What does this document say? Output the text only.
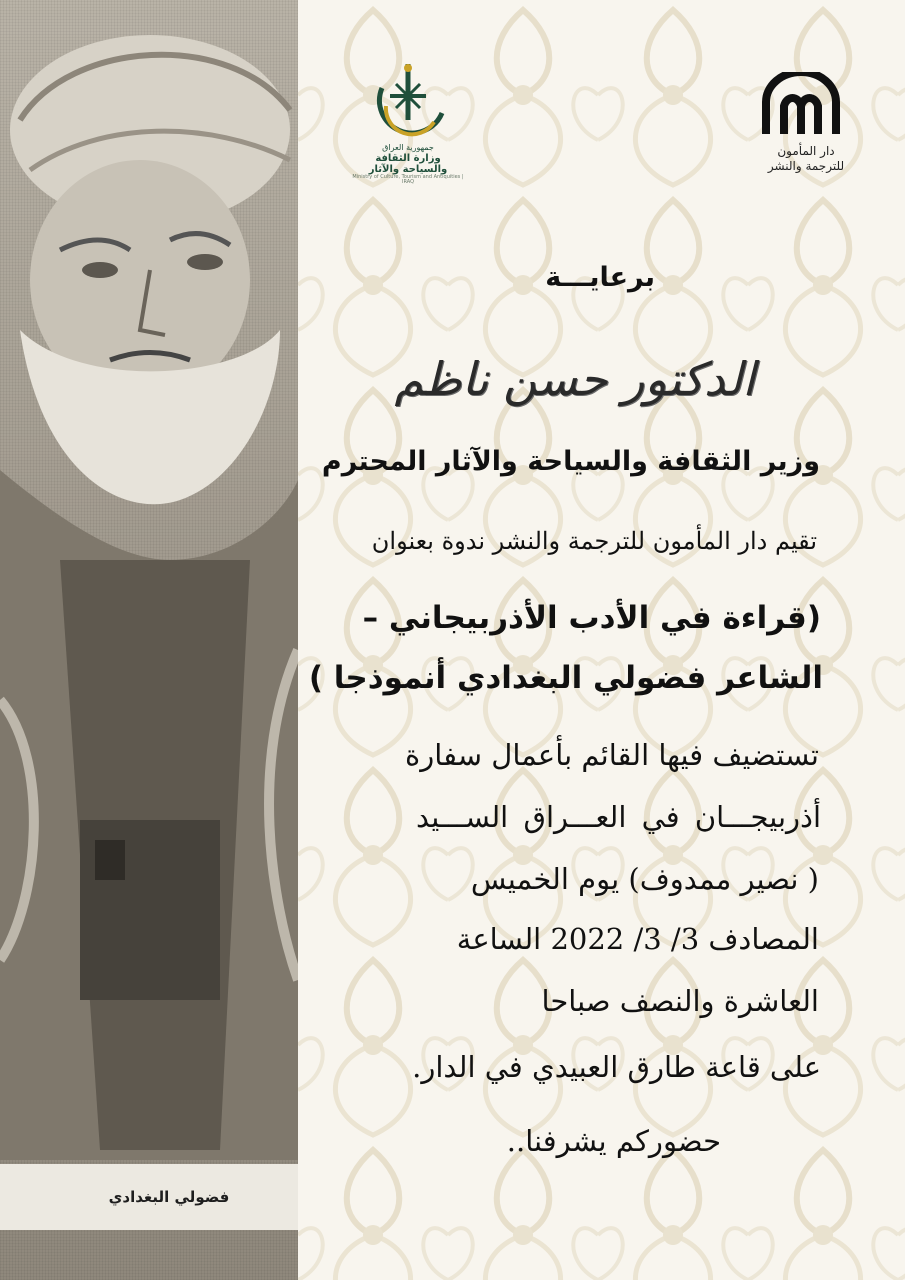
فضولي البغدادي
جمهورية العراق
وزارة الثقافة والسياحة والآثار
Ministry of Culture, Tourism and Antiquities | IRAQ
دار المأمون
للترجمة والنشر
برعايـــة
الدكتور حسن ناظم
وزير الثقافة والسياحة والآثار المحترم
تقيم دار المأمون للترجمة والنشر ندوة بعنوان
(قراءة في الأدب الأذربيجاني –
الشاعر فضولي البغدادي أنموذجا )
تستضيف فيها القائم بأعمال سفارة
أذربيجـــان في العـــراق الســـيد
( نصير ممدوف) يوم الخميس
المصادف 3/ 3/ 2022 الساعة
العاشرة والنصف صباحا
على قاعة طارق العبيدي في الدار.
حضوركم يشرفنا..
